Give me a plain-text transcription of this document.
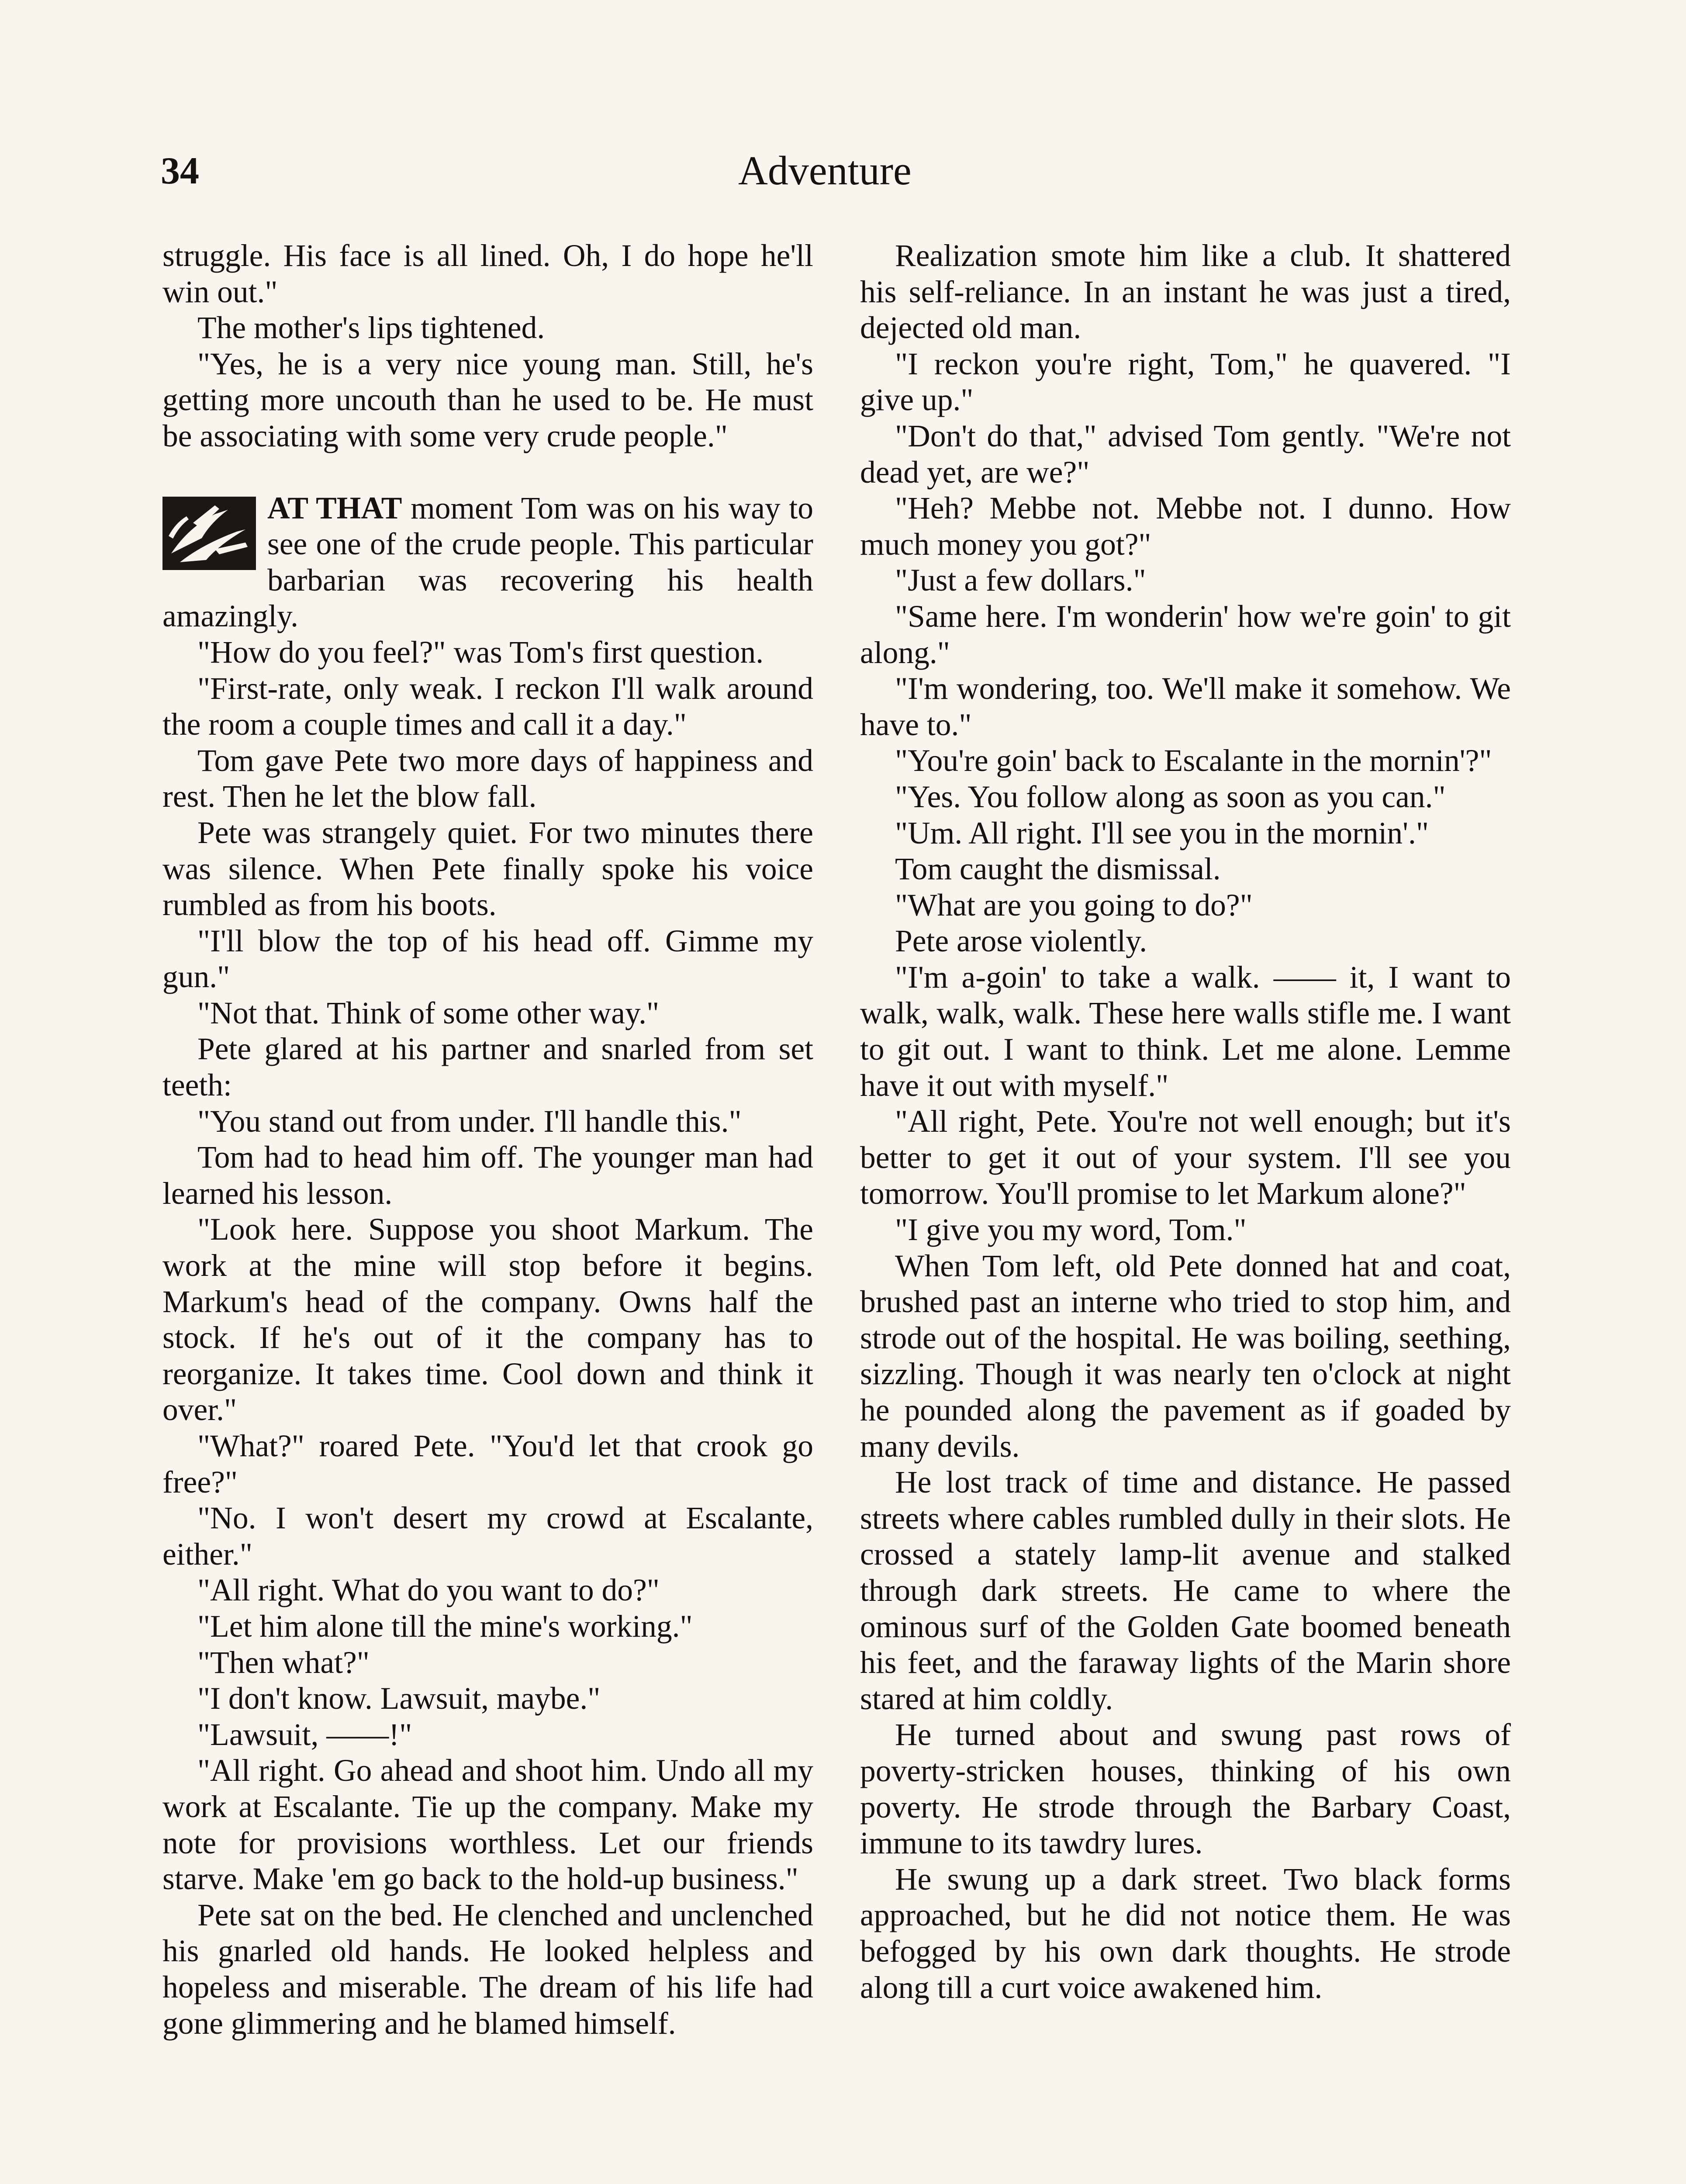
34	Adventure

struggle. His face is all lined. Oh, I do hope he'll win out."

The mother's lips tightened.

"Yes, he is a very nice young man. Still, he's getting more uncouth than he used to be. He must be associating with some very crude people."

AT THAT moment Tom was on his way to see one of the crude people. This particular barbarian was recovering his health amazingly.

"How do you feel?" was Tom's first question.

"First-rate, only weak. I reckon I'll walk around the room a couple times and call it a day."

Tom gave Pete two more days of happiness and rest. Then he let the blow fall.

Pete was strangely quiet. For two minutes there was silence. When Pete finally spoke his voice rumbled as from his boots.

"I'll blow the top of his head off. Gimme my gun."

"Not that. Think of some other way."

Pete glared at his partner and snarled from set teeth:

"You stand out from under. I'll handle this."

Tom had to head him off. The younger man had learned his lesson.

"Look here. Suppose you shoot Markum. The work at the mine will stop before it begins. Markum's head of the company. Owns half the stock. If he's out of it the company has to reorganize. It takes time. Cool down and think it over."

"What?" roared Pete. "You'd let that crook go free?"

"No. I won't desert my crowd at Escalante, either."

"All right. What do you want to do?"

"Let him alone till the mine's working."

"Then what?"

"I don't know. Lawsuit, maybe."

"Lawsuit, ——!"

"All right. Go ahead and shoot him. Undo all my work at Escalante. Tie up the company. Make my note for provisions worthless. Let our friends starve. Make 'em go back to the hold-up business."

Pete sat on the bed. He clenched and unclenched his gnarled old hands. He looked helpless and hopeless and miserable. The dream of his life had gone glimmering and he blamed himself.

Realization smote him like a club. It shattered his self-reliance. In an instant he was just a tired, dejected old man.

"I reckon you're right, Tom," he quavered. "I give up."

"Don't do that," advised Tom gently. "We're not dead yet, are we?"

"Heh? Mebbe not. Mebbe not. I dunno. How much money you got?"

"Just a few dollars."

"Same here. I'm wonderin' how we're goin' to git along."

"I'm wondering, too. We'll make it somehow. We have to."

"You're goin' back to Escalante in the mornin'?"

"Yes. You follow along as soon as you can."

"Um. All right. I'll see you in the mornin'."

Tom caught the dismissal.

"What are you going to do?"

Pete arose violently.

"I'm a-goin' to take a walk. —— it, I want to walk, walk, walk. These here walls stifle me. I want to git out. I want to think. Let me alone. Lemme have it out with myself."

"All right, Pete. You're not well enough; but it's better to get it out of your system. I'll see you tomorrow. You'll promise to let Markum alone?"

"I give you my word, Tom."

When Tom left, old Pete donned hat and coat, brushed past an interne who tried to stop him, and strode out of the hospital. He was boiling, seething, sizzling. Though it was nearly ten o'clock at night he pounded along the pavement as if goaded by many devils.

He lost track of time and distance. He passed streets where cables rumbled dully in their slots. He crossed a stately lamp-lit avenue and stalked through dark streets. He came to where the ominous surf of the Golden Gate boomed beneath his feet, and the faraway lights of the Marin shore stared at him coldly.

He turned about and swung past rows of poverty-stricken houses, thinking of his own poverty. He strode through the Barbary Coast, immune to its tawdry lures.

He swung up a dark street. Two black forms approached, but he did not notice them. He was befogged by his own dark thoughts. He strode along till a curt voice awakened him.
